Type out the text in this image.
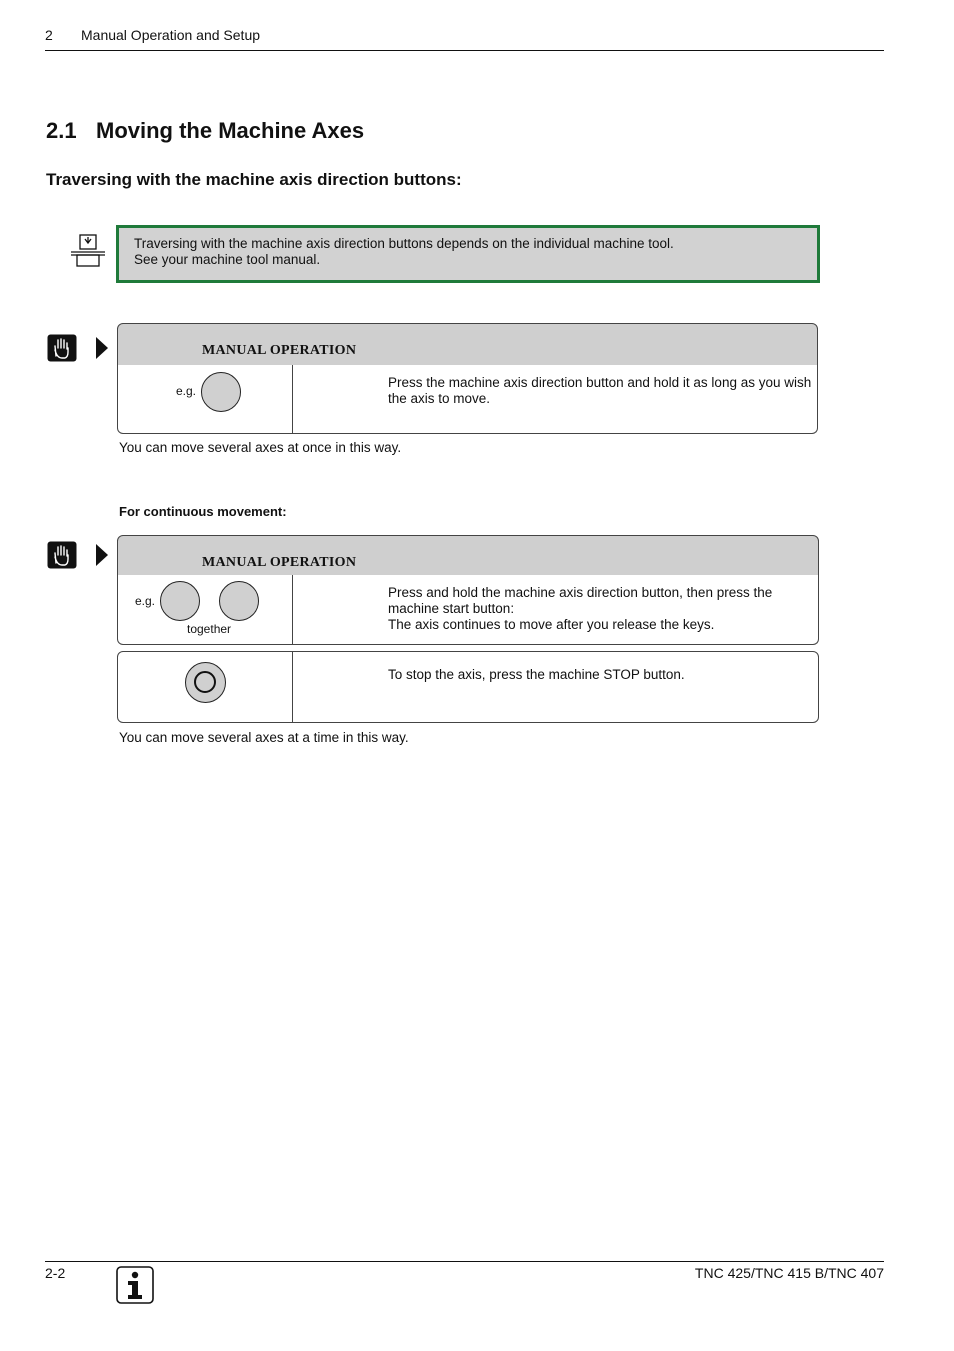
2 Manual Operation and Setup
2.1 Moving the Machine Axes
Traversing with the machine axis direction buttons:
Traversing with the machine axis direction buttons depends on the individual machine tool.
See your machine tool manual.
MANUAL OPERATION
e.g.
Press the machine axis direction button and hold it as long as you wish the axis to move.
You can move several axes at once in this way.
For continuous movement:
MANUAL OPERATION
e.g.
together
Press and hold the machine axis direction button, then press the machine start button:
The axis continues to move after you release the keys.
To stop the axis, press the machine STOP button.
You can move several axes at a time in this way.
2-2	TNC 425/TNC 415 B/TNC 407
